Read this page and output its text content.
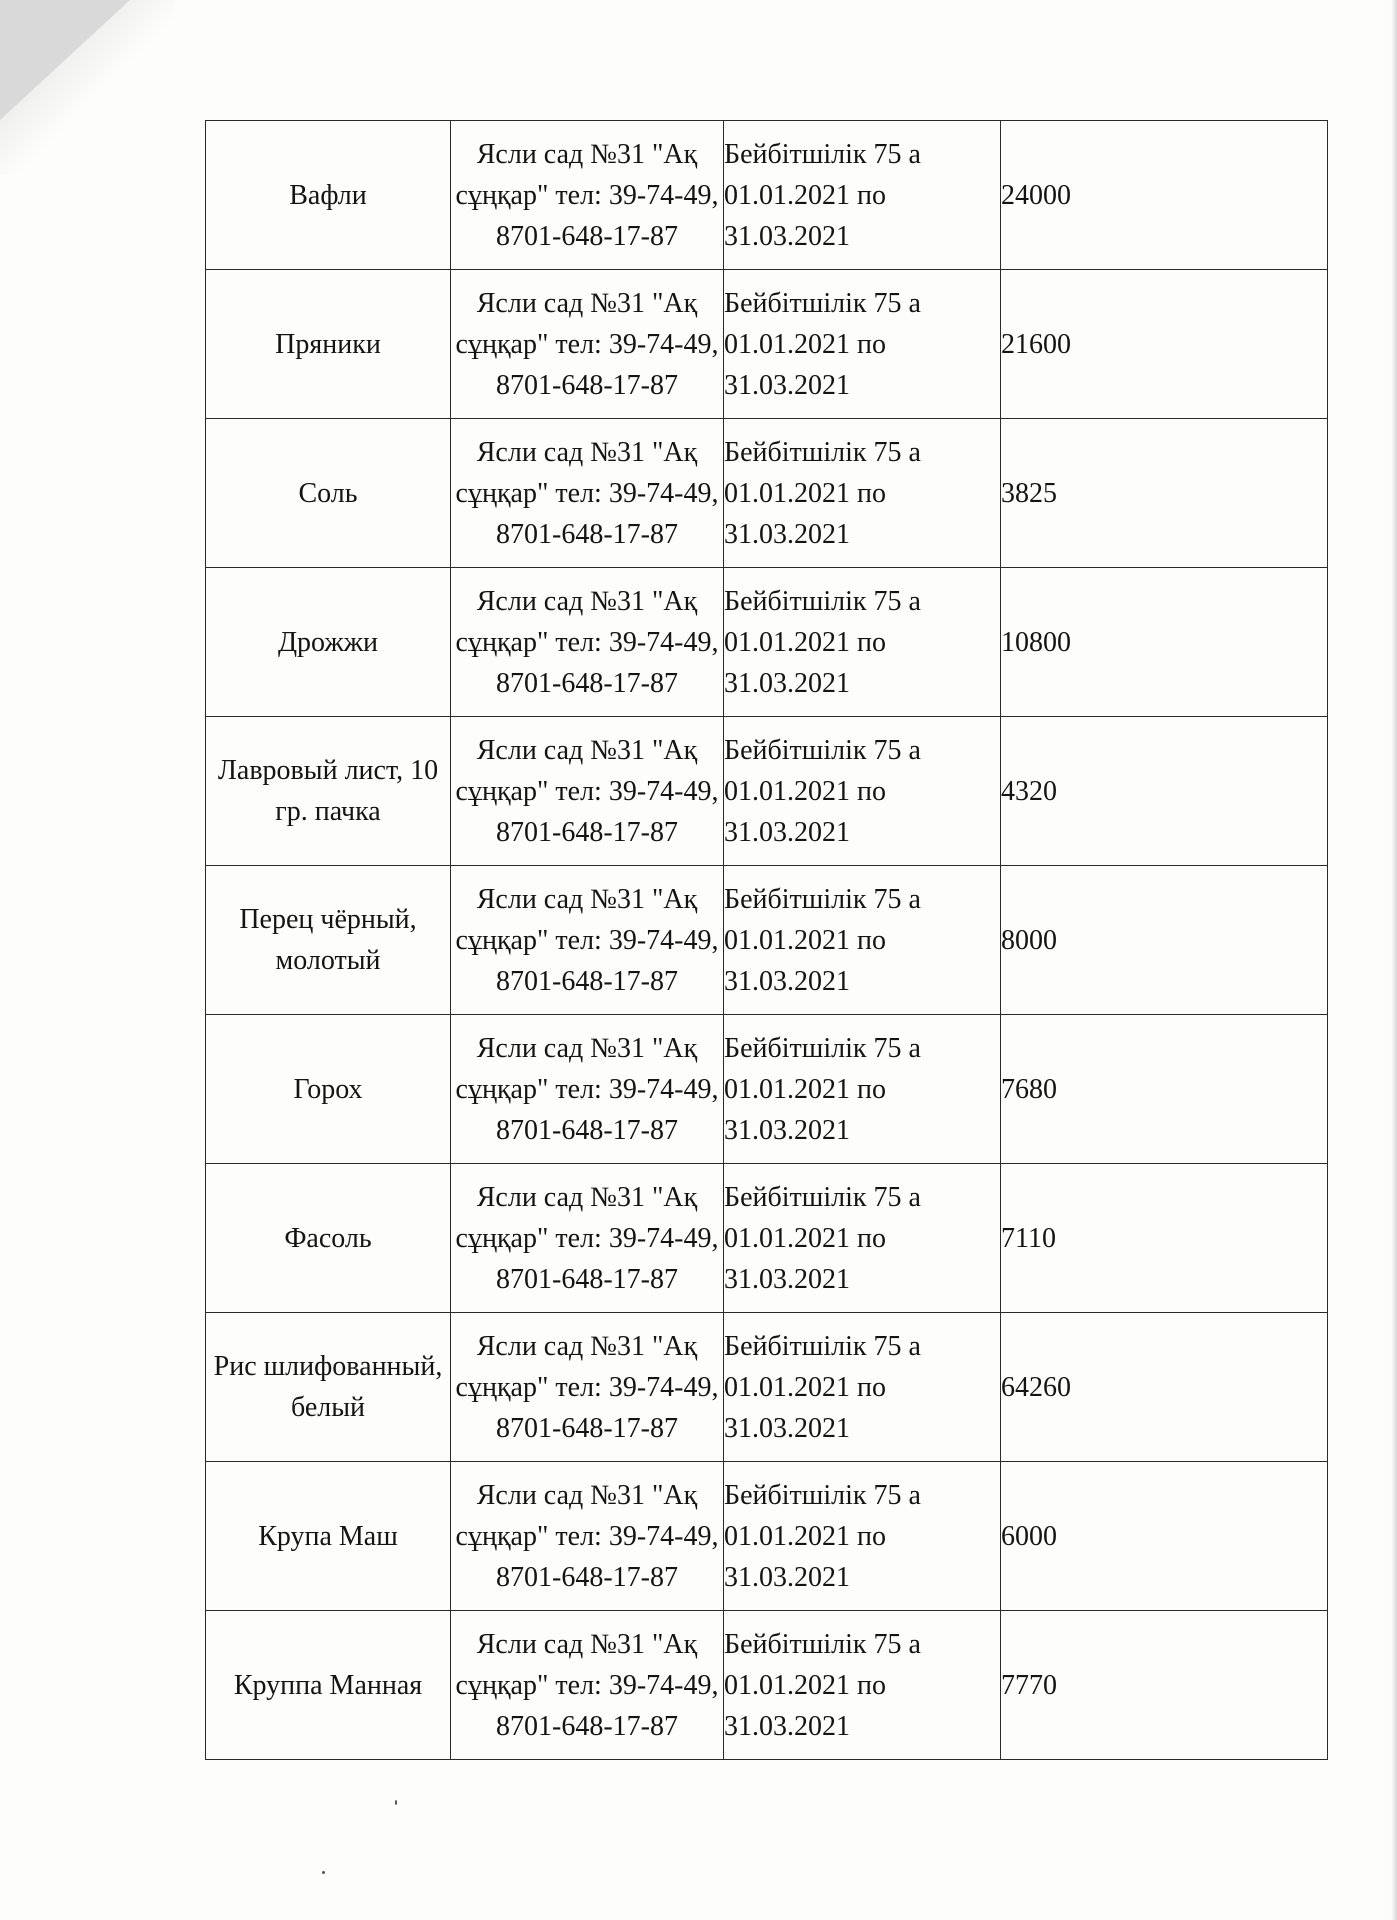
Вафли	Ясли сад №31 "Ақ сұңқар" тел: 39-74-49, 8701-648-17-87	Бейбітшілік 75 а 01.01.2021 по 31.03.2021	24000
Пряники	Ясли сад №31 "Ақ сұңқар" тел: 39-74-49, 8701-648-17-87	Бейбітшілік 75 а 01.01.2021 по 31.03.2021	21600
Соль	Ясли сад №31 "Ақ сұңқар" тел: 39-74-49, 8701-648-17-87	Бейбітшілік 75 а 01.01.2021 по 31.03.2021	3825
Дрожжи	Ясли сад №31 "Ақ сұңқар" тел: 39-74-49, 8701-648-17-87	Бейбітшілік 75 а 01.01.2021 по 31.03.2021	10800
Лавровый лист, 10 гр. пачка	Ясли сад №31 "Ақ сұңқар" тел: 39-74-49, 8701-648-17-87	Бейбітшілік 75 а 01.01.2021 по 31.03.2021	4320
Перец чёрный, молотый	Ясли сад №31 "Ақ сұңқар" тел: 39-74-49, 8701-648-17-87	Бейбітшілік 75 а 01.01.2021 по 31.03.2021	8000
Горох	Ясли сад №31 "Ақ сұңқар" тел: 39-74-49, 8701-648-17-87	Бейбітшілік 75 а 01.01.2021 по 31.03.2021	7680
Фасоль	Ясли сад №31 "Ақ сұңқар" тел: 39-74-49, 8701-648-17-87	Бейбітшілік 75 а 01.01.2021 по 31.03.2021	7110
Рис шлифованный, белый	Ясли сад №31 "Ақ сұңқар" тел: 39-74-49, 8701-648-17-87	Бейбітшілік 75 а 01.01.2021 по 31.03.2021	64260
Крупа Маш	Ясли сад №31 "Ақ сұңқар" тел: 39-74-49, 8701-648-17-87	Бейбітшілік 75 а 01.01.2021 по 31.03.2021	6000
Круппа Манная	Ясли сад №31 "Ақ сұңқар" тел: 39-74-49, 8701-648-17-87	Бейбітшілік 75 а 01.01.2021 по 31.03.2021	7770
